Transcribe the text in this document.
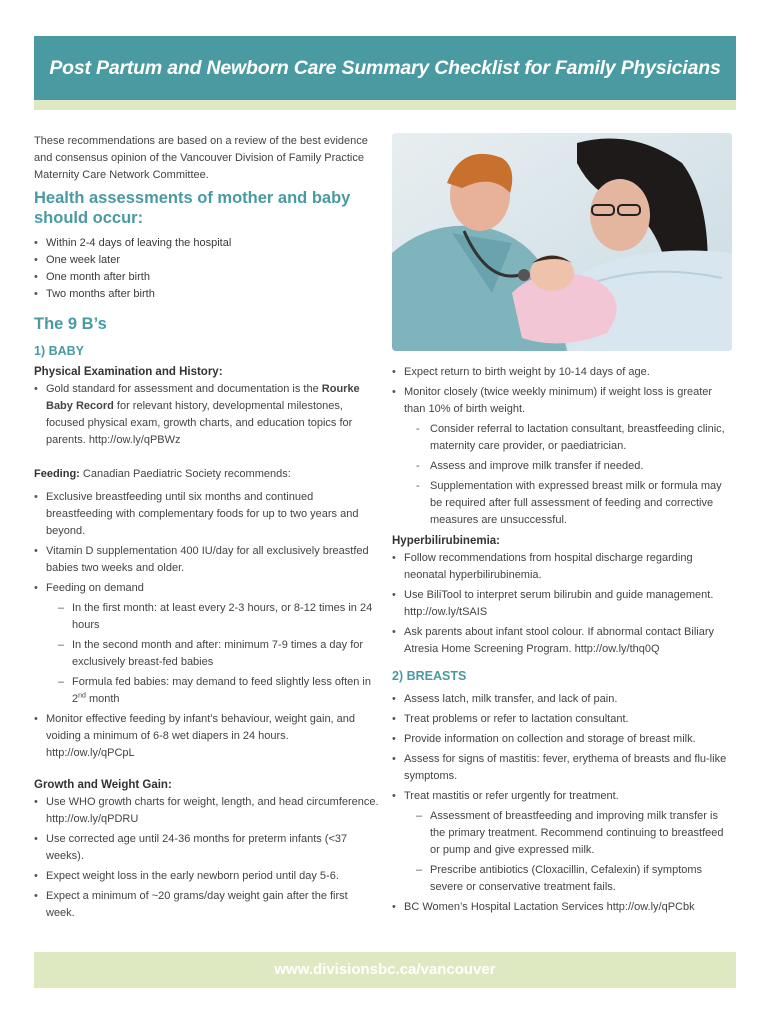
Post Partum and Newborn Care Summary Checklist for Family Physicians

These recommendations are based on a review of the best evidence and consensus opinion of the Vancouver Division of Family Practice Maternity Care Network Committee.

Health assessments of mother and baby should occur:
• Within 2-4 days of leaving the hospital
• One week later
• One month after birth
• Two months after birth
The 9 B’s
1) BABY

Physical Examination and History:

• Gold standard for assessment and documentation is the Rourke Baby Record for relevant history, developmental milestones, focused physical exam, growth charts, and education topics for parents. http://ow.ly/qPBWz

Feeding: Canadian Paediatric Society recommends:

• Exclusive breastfeeding until six months and continued breastfeeding with complementary foods for up to two years and beyond.
• Vitamin D supplementation 400 IU/day for all exclusively breastfed babies two weeks and older.
• Feeding on demand
– In the first month: at least every 2-3 hours, or 8-12 times in 24 hours
– In the second month and after: minimum 7-9 times a day for exclusively breast-fed babies
– Formula fed babies: may demand to feed slightly less often in 2nd month
• Monitor effective feeding by infant’s behaviour, weight gain, and voiding a minimum of 6-8 wet diapers in 24 hours. http://ow.ly/qPCpL

Growth and Weight Gain:

• Use WHO growth charts for weight, length, and head circumference. http://ow.ly/qPDRU
• Use corrected age until 24-36 months for preterm infants (<37 weeks).
• Expect weight loss in the early newborn period until day 5-6.
• Expect a minimum of ~20 grams/day weight gain after the first week.
• Expect return to birth weight by 10-14 days of age.
• Monitor closely (twice weekly minimum) if weight loss is greater than 10% of birth weight.
- Consider referral to lactation consultant, breastfeeding clinic, maternity care provider, or paediatrician.
- Assess and improve milk transfer if needed.
- Supplementation with expressed breast milk or formula may be required after full assessment of feeding and corrective measures are unsuccessful.

Hyperbilirubinemia:

• Follow recommendations from hospital discharge regarding neonatal hyperbilirubinemia.
• Use BiliTool to interpret serum bilirubin and guide management. http://ow.ly/tSAIS
• Ask parents about infant stool colour. If abnormal contact Biliary Atresia Home Screening Program. http://ow.ly/thq0Q
2) BREASTS
• Assess latch, milk transfer, and lack of pain.
• Treat problems or refer to lactation consultant.
• Provide information on collection and storage of breast milk.
• Assess for signs of mastitis: fever, erythema of breasts and flu-like symptoms.
• Treat mastitis or refer urgently for treatment.
– Assessment of breastfeeding and improving milk transfer is the primary treatment. Recommend continuing to breastfeed or pump and give expressed milk.
– Prescribe antibiotics (Cloxacillin, Cefalexin) if symptoms severe or conservative treatment fails.
• BC Women’s Hospital Lactation Services http://ow.ly/qPCbk
www.divisionsbc.ca/vancouver
